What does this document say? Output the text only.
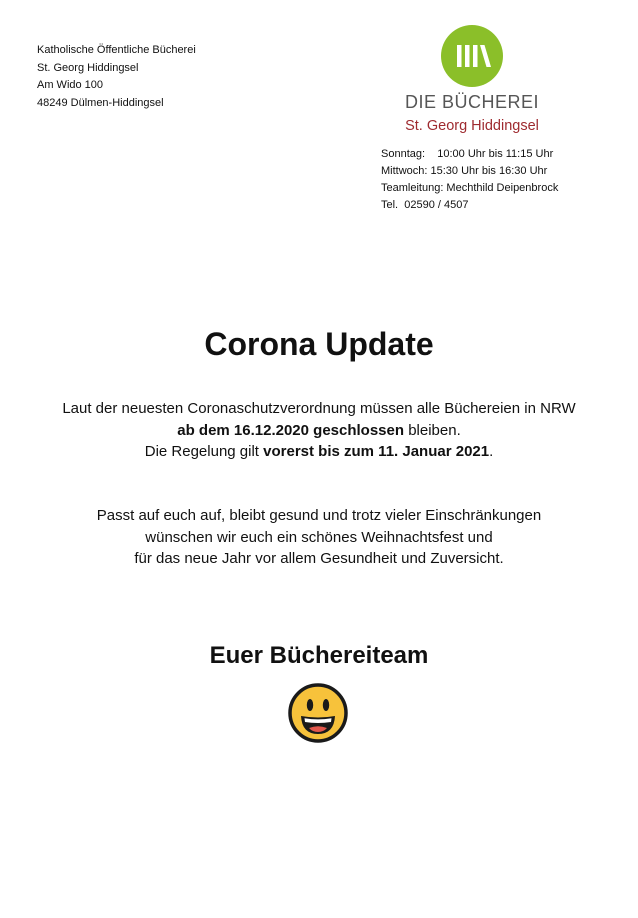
Katholische Öffentliche Bücherei
St. Georg Hiddingsel
Am Wido 100
48249 Dülmen-Hiddingsel	DIE BÜCHEREI
St. Georg Hiddingsel
Sonntag:    10:00 Uhr bis 11:15 Uhr
Mittwoch: 15:30 Uhr bis 16:30 Uhr
Teamleitung: Mechthild Deipenbrock
Tel.  02590 / 4507
Corona Update
Laut der neuesten Coronaschutzverordnung müssen alle Büchereien in NRW
ab dem 16.12.2020 geschlossen bleiben.
Die Regelung gilt vorerst bis zum 11. Januar 2021.
Passt auf euch auf, bleibt gesund und trotz vieler Einschränkungen
wünschen wir euch ein schönes Weihnachtsfest und
für das neue Jahr vor allem Gesundheit und Zuversicht.
Euer Büchereiteam
